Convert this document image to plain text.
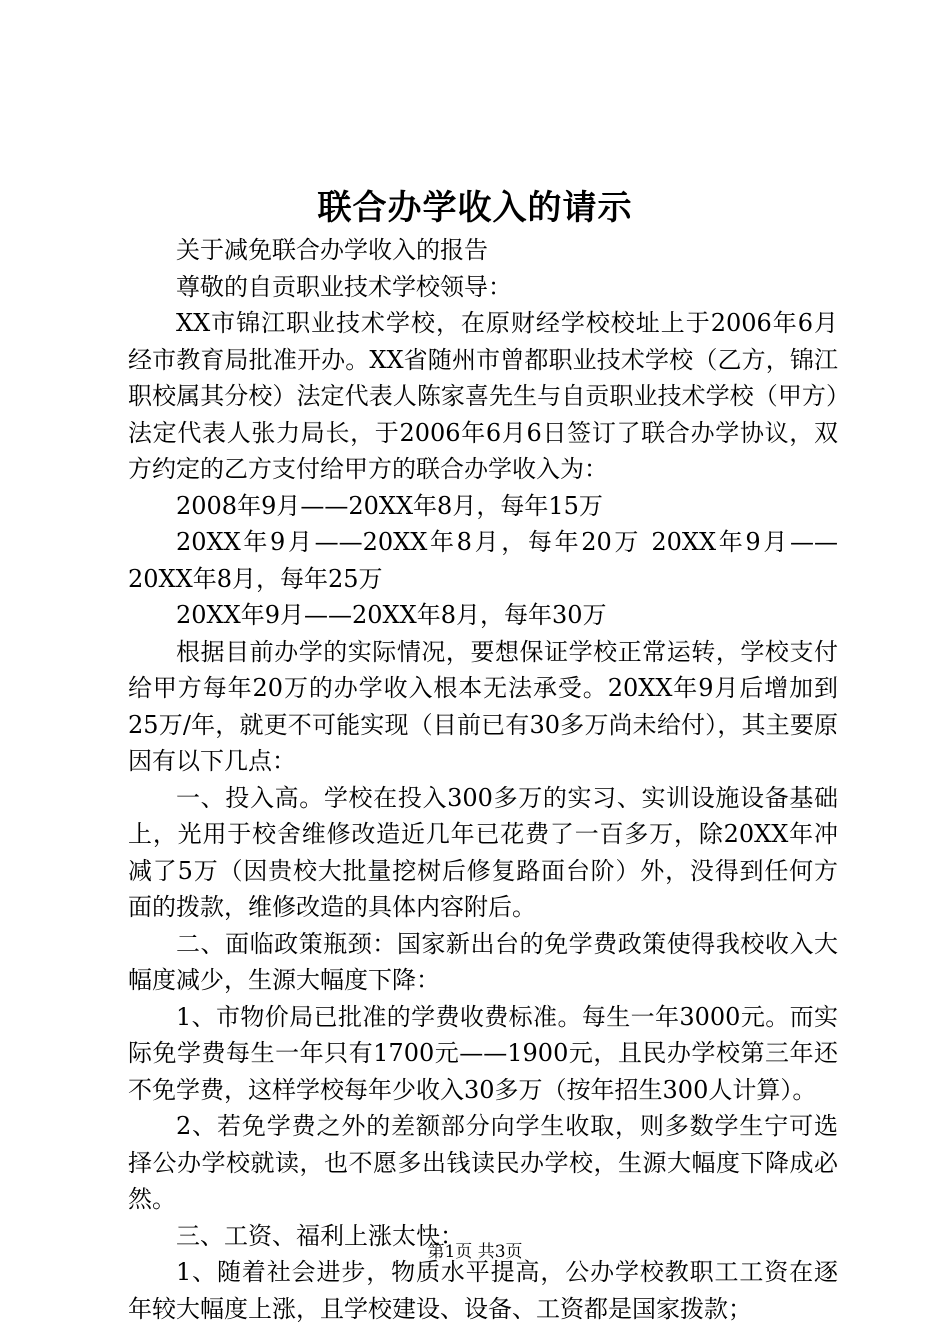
联合办学收入的请示

关于减免联合办学收入的报告

尊敬的自贡职业技术学校领导：

XX市锦江职业技术学校，在原财经学校校址上于2006年6月经市教育局批准开办。XX省随州市曾都职业技术学校（乙方，锦江职校属其分校）法定代表人陈家喜先生与自贡职业技术学校（甲方）法定代表人张力局长，于2006年6月6日签订了联合办学协议，双方约定的乙方支付给甲方的联合办学收入为：

2008年9月——20XX年8月，每年15万

20XX年9月——20XX年8月，每年20万 20XX年9月——20XX年8月，每年25万

20XX年9月——20XX年8月，每年30万

根据目前办学的实际情况，要想保证学校正常运转，学校支付给甲方每年20万的办学收入根本无法承受。20XX年9月后增加到25万/年，就更不可能实现（目前已有30多万尚未给付），其主要原因有以下几点：

一、投入高。学校在投入300多万的实习、实训设施设备基础上，光用于校舍维修改造近几年已花费了一百多万，除20XX年冲减了5万（因贵校大批量挖树后修复路面台阶）外，没得到任何方面的拨款，维修改造的具体内容附后。

二、面临政策瓶颈：国家新出台的免学费政策使得我校收入大幅度减少，生源大幅度下降：

1、市物价局已批准的学费收费标准。每生一年3000元。而实际免学费每生一年只有1700元——1900元，且民办学校第三年还不免学费，这样学校每年少收入30多万（按年招生300人计算）。

2、若免学费之外的差额部分向学生收取，则多数学生宁可选择公办学校就读，也不愿多出钱读民办学校，生源大幅度下降成必然。

三、工资、福利上涨太快：

1、随着社会进步，物质水平提高，公办学校教职工工资在逐年较大幅度上涨，且学校建设、设备、工资都是国家拨款；

第1页 共3页
